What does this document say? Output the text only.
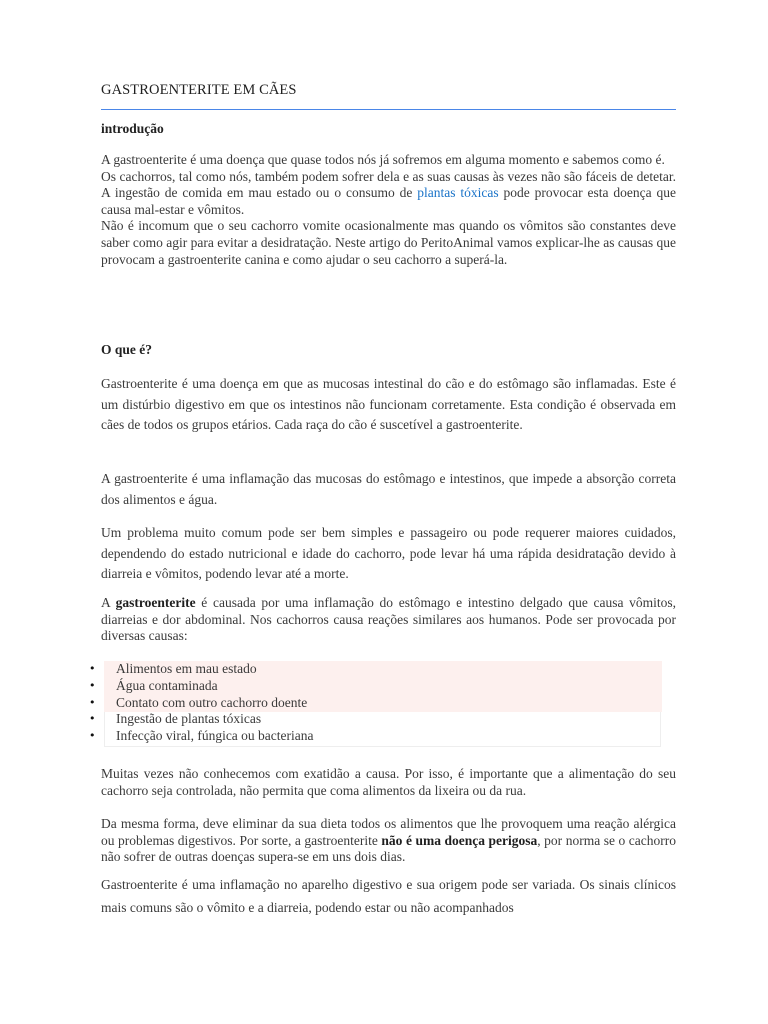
GASTROENTERITE EM CÃES
introdução
A gastroenterite é uma doença que quase todos nós já sofremos em alguma momento e sabemos como é.
Os cachorros, tal como nós, também podem sofrer dela e as suas causas às vezes não são fáceis de detetar. A ingestão de comida em mau estado ou o consumo de plantas tóxicas pode provocar esta doença que causa mal-estar e vômitos.
Não é incomum que o seu cachorro vomite ocasionalmente mas quando os vômitos são constantes deve saber como agir para evitar a desidratação. Neste artigo do PeritoAnimal vamos explicar-lhe as causas que provocam a gastroenterite canina e como ajudar o seu cachorro a superá-la.
O que é?
Gastroenterite é uma doença em que as mucosas intestinal do cão e do estômago são inflamadas. Este é um distúrbio digestivo em que os intestinos não funcionam corretamente. Esta condição é observada em cães de todos os grupos etários. Cada raça do cão é suscetível a gastroenterite.
A gastroenterite é uma inflamação das mucosas do estômago e intestinos, que impede a absorção correta dos alimentos e água.
Um problema muito comum pode ser bem simples e passageiro ou pode requerer maiores cuidados, dependendo do estado nutricional e idade do cachorro, pode levar há uma rápida desidratação devido à diarreia e vômitos, podendo levar até a morte.
A gastroenterite é causada por uma inflamação do estômago e intestino delgado que causa vômitos, diarreias e dor abdominal. Nos cachorros causa reações similares aos humanos. Pode ser provocada por diversas causas:
• Alimentos em mau estado
• Água contaminada
• Contato com outro cachorro doente
• Ingestão de plantas tóxicas
• Infecção viral, fúngica ou bacteriana
Muitas vezes não conhecemos com exatidão a causa. Por isso, é importante que a alimentação do seu cachorro seja controlada, não permita que coma alimentos da lixeira ou da rua.
Da mesma forma, deve eliminar da sua dieta todos os alimentos que lhe provoquem uma reação alérgica ou problemas digestivos. Por sorte, a gastroenterite não é uma doença perigosa, por norma se o cachorro não sofrer de outras doenças supera-se em uns dois dias.
Gastroenterite é uma inflamação no aparelho digestivo e sua origem pode ser variada. Os sinais clínicos mais comuns são o vômito e a diarreia, podendo estar ou não acompanhados
